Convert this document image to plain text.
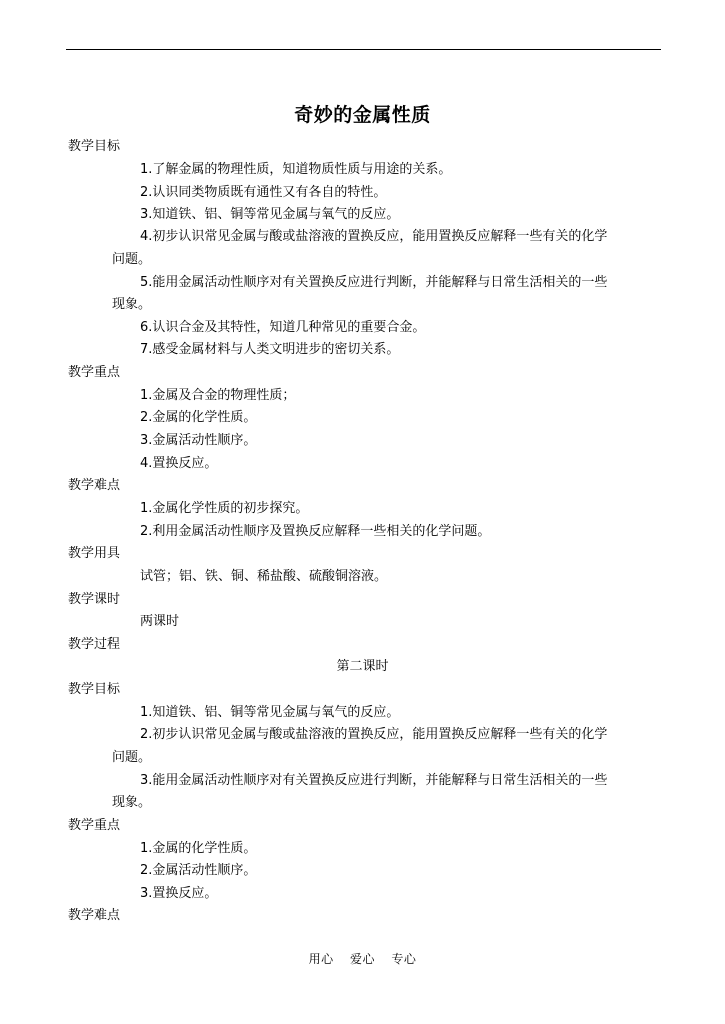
奇妙的金属性质
教学目标
1.了解金属的物理性质，知道物质性质与用途的关系。
2.认识同类物质既有通性又有各自的特性。
3.知道铁、铝、铜等常见金属与氧气的反应。
4.初步认识常见金属与酸或盐溶液的置换反应，能用置换反应解释一些有关的化学
问题。
5.能用金属活动性顺序对有关置换反应进行判断，并能解释与日常生活相关的一些
现象。
6.认识合金及其特性，知道几种常见的重要合金。
7.感受金属材料与人类文明进步的密切关系。
教学重点
1.金属及合金的物理性质；
2.金属的化学性质。
3.金属活动性顺序。
4.置换反应。
教学难点
1.金属化学性质的初步探究。
2.利用金属活动性顺序及置换反应解释一些相关的化学问题。
教学用具
试管；铝、铁、铜、稀盐酸、硫酸铜溶液。
教学课时
两课时
教学过程
第二课时
教学目标
1.知道铁、铝、铜等常见金属与氧气的反应。
2.初步认识常见金属与酸或盐溶液的置换反应，能用置换反应解释一些有关的化学
问题。
3.能用金属活动性顺序对有关置换反应进行判断，并能解释与日常生活相关的一些
现象。
教学重点
1.金属的化学性质。
2.金属活动性顺序。
3.置换反应。
教学难点
用心 爱心 专心
